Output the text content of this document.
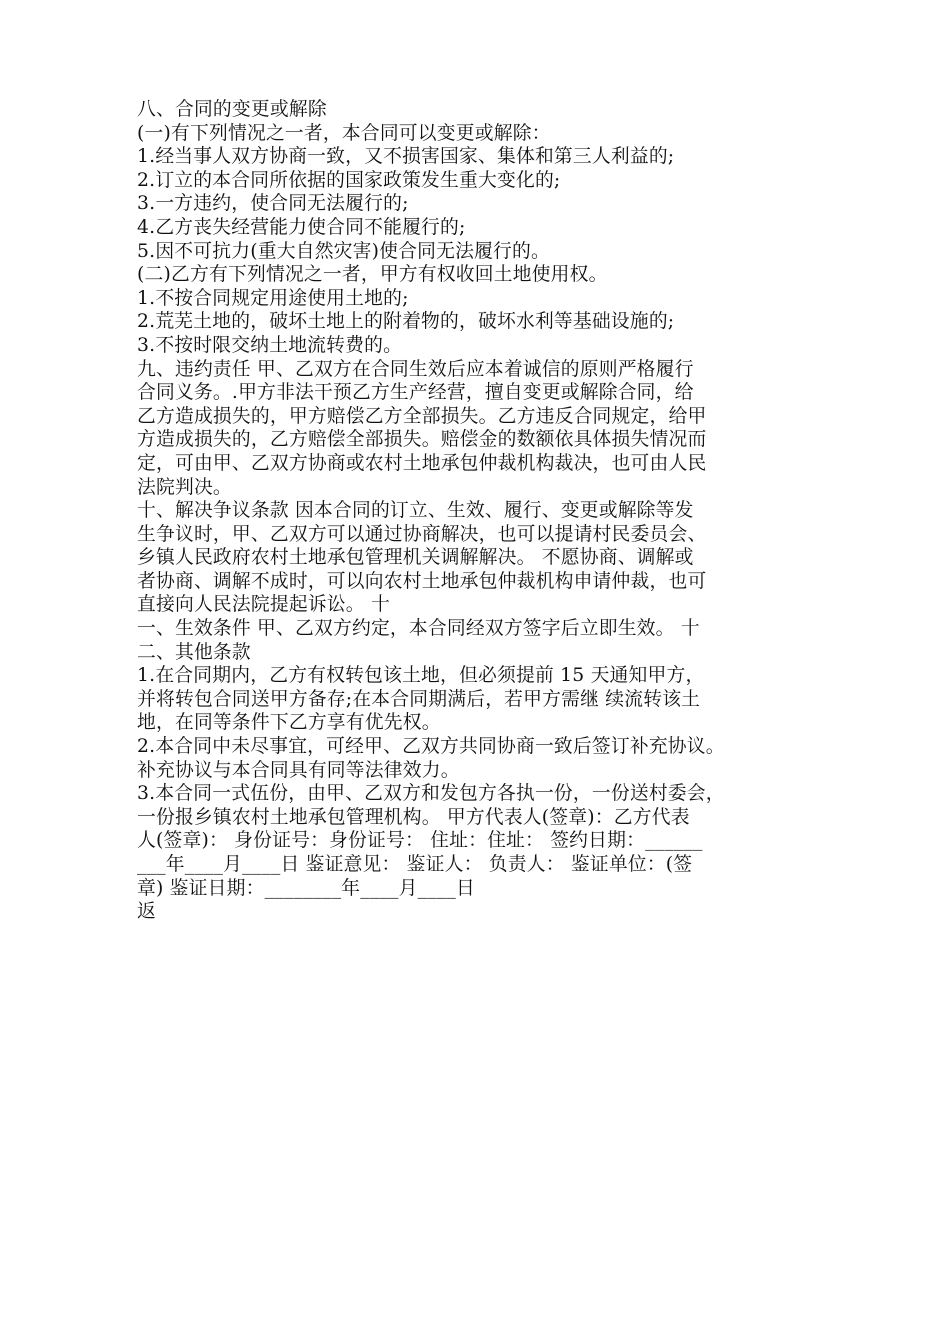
八、合同的变更或解除
(一)有下列情况之一者，本合同可以变更或解除：
1.经当事人双方协商一致，又不损害国家、集体和第三人利益的;
2.订立的本合同所依据的国家政策发生重大变化的;
3.一方违约，使合同无法履行的;
4.乙方丧失经营能力使合同不能履行的;
5.因不可抗力(重大自然灾害)使合同无法履行的。
(二)乙方有下列情况之一者，甲方有权收回土地使用权。
1.不按合同规定用途使用土地的;
2.荒芜土地的，破坏土地上的附着物的，破坏水利等基础设施的;
3.不按时限交纳土地流转费的。
九、违约责任 甲、乙双方在合同生效后应本着诚信的原则严格履行
合同义务。.甲方非法干预乙方生产经营，擅自变更或解除合同，给
乙方造成损失的，甲方赔偿乙方全部损失。乙方违反合同规定，给甲
方造成损失的，乙方赔偿全部损失。赔偿金的数额依具体损失情况而
定，可由甲、乙双方协商或农村土地承包仲裁机构裁决，也可由人民
法院判决。
十、解决争议条款 因本合同的订立、生效、履行、变更或解除等发
生争议时，甲、乙双方可以通过协商解决，也可以提请村民委员会、
乡镇人民政府农村土地承包管理机关调解解决。 不愿协商、调解或
者协商、调解不成时，可以向农村土地承包仲裁机构申请仲裁，也可
直接向人民法院提起诉讼。 十
一、生效条件 甲、乙双方约定，本合同经双方签字后立即生效。 十
二、其他条款
1.在合同期内，乙方有权转包该土地，但必须提前 15 天通知甲方，
并将转包合同送甲方备存;在本合同期满后，若甲方需继 续流转该土
地，在同等条件下乙方享有优先权。
2.本合同中未尽事宜，可经甲、乙双方共同协商一致后签订补充协议。
补充协议与本合同具有同等法律效力。
3.本合同一式伍份，由甲、乙双方和发包方各执一份，一份送村委会，
一份报乡镇农村土地承包管理机构。 甲方代表人(签章)：乙方代表
人(签章)： 身份证号：身份证号： 住址：住址： 签约日期：______
___年____月____日 鉴证意见： 鉴证人： 负责人： 鉴证单位：(签
章) 鉴证日期：________年____月____日
返
